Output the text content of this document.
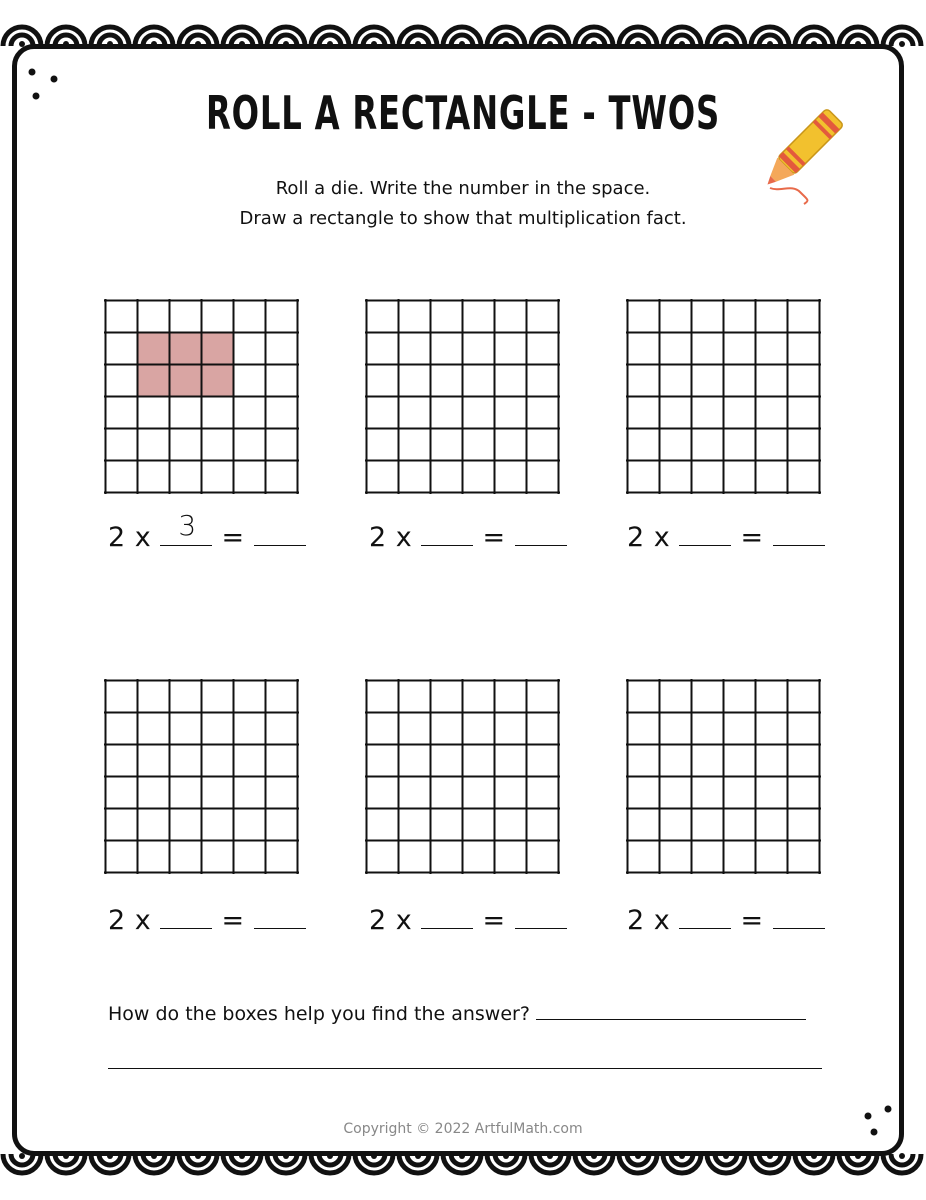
ROLL A RECTANGLE - TWOS
Roll a die. Write the number in the space.
Draw a rectangle to show that multiplication fact.
2 x 3 =	2 x	=	2 x	=
2 x	=	2 x	=	2 x	=
How do the boxes help you find the answer?
Copyright © 2022 ArtfulMath.com
